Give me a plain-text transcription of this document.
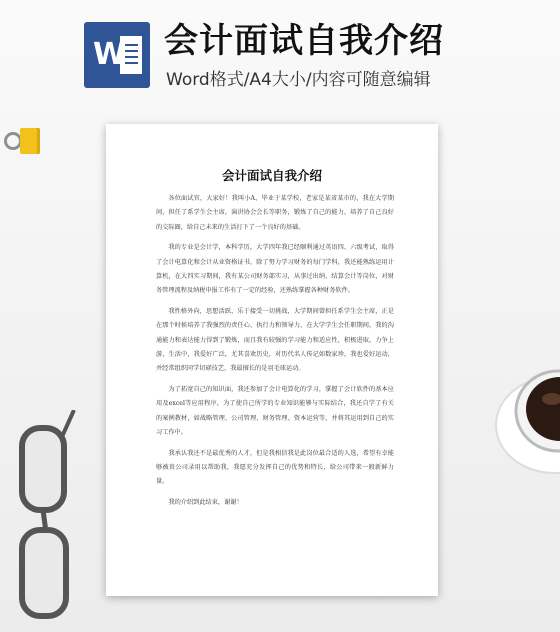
W 会计面试自我介绍
Word格式/A4大小/内容可随意编辑
会计面试自我介绍

各位面试官，大家好！我叫小A，毕业于某学校，老家是某省某市的，我在大学期间，担任了系学生会主席，演讲协会会长等职务，锻炼了自己的能力，培养了自己良好的交际圈，给自己未来的生活打下了一个良好的基础。

我的专业是会计学，本科学历，大学四年我已经顺利通过英语四、六级考试，取得了会计电算化和会计从业资格证书，除了努力学习财务的每门学科，我还能熟练运用计算机，在大四实习期间，我有某公司财务部实习，从事过出纳、结算会计等岗位，对财务管理流程及纳税申报工作有了一定的经验，还熟练掌握各种财务软件。

我性格外向，思想活跃，乐于接受一切挑战，大学期间曾担任系学生会主席，正是在那个时候培养了我强烈的责任心、执行力和领导力，在大学学生会任职期间，我的沟通能力和表达能力得到了锻炼，而且我有较强的学习能力和适应性，积极进取，力争上游，生活中，我爱好广泛，尤其喜欢历史，对历代名人传记如数家珍，我也爱好运动，并经常组织同学切磋技艺，我最擅长的是羽毛球运动。

为了拓宽自己的知识面，我还参加了会计电算化的学习，掌握了会计软件的基本应用及excel等应用程序，为了使自己所学的专业知识能够与实际结合，我还自学了有关的案例教材，如战略管理、公司管理、财务管理、资本运营等，并将其运用到自己的实习工作中。

我承认我还不是最优秀的人才，但是我相信我是此岗位最合适的人选，希望有幸能够被贵公司录用以帮助我，我愿充分发挥自己的优势和特长，给公司带来一般新鲜力量。

我的介绍到此结束，谢谢！
